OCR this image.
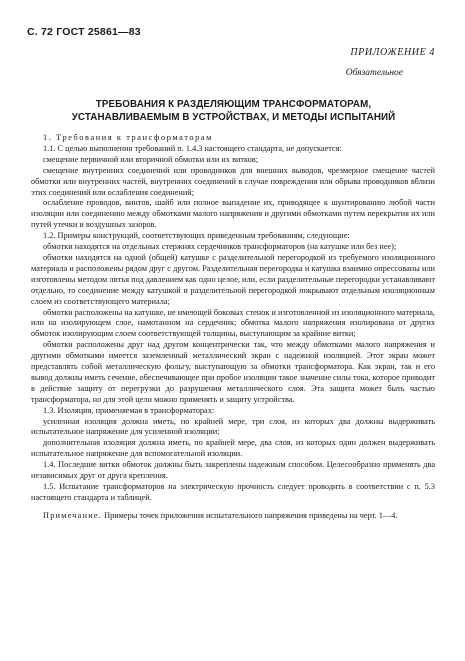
С. 72 ГОСТ 25861—83
ПРИЛОЖЕНИЕ 4
Обязательное
ТРЕБОВАНИЯ К РАЗДЕЛЯЮЩИМ ТРАНСФОРМАТОРАМ,
УСТАНАВЛИВАЕМЫМ В УСТРОЙСТВАХ, И МЕТОДЫ ИСПЫТАНИЙ

1. Требования к трансформаторам

1.1. С целью выполнения требований п. 1.4.3 настоящего стандарта, не допускается:

смещение первичной или вторичной обмотки или их витков;

смещение внутренних соединений или проводников для внешних выводов, чрезмерное смещение частей обмотки или внутренних частей, внутренних соединений в случае повреждения или обрыва проводников вблизи этих соединений или ослабления соединений;

ослабление проводов, винтов, шайб или полное выпадение их, приводящее к шунтированию любой части изоляции или соединению между обмотками малого напряжения и другими обмотками путем перекрытия их или путей утечки и воздушных зазоров.

1.2. Примеры конструкций, соответствующих приведенным требованиям, следующие:

обмотки находятся на отдельных стержнях сердечников трансформаторов (на катушке или без нее);

обмотки находятся на одной (общей) катушке с разделительной перегородкой из требуемого изоляционного материала и расположены рядом друг с другом. Разделительная перегородка и катушка взаимно опрессованы или изготовлены методом литья под давлением как одно целое, или, если разделительные перегородки устанавливают отдельно, то соединение между катушкой и разделительной перегородкой покрывают отдельным изоляционным слоем из соответствующего материала;

обмотки расположены на катушке, не имеющей боковых стенок и изготовленной из изоляционного материала, или на изолирующем слое, намотанном на сердечник; обмотка малого напряжения изолирована от других обмоток изолирующим слоем соответствующей толщины, выступающим за крайние витки;

обмотки расположены друг над другом концентрически так, что между обмотками малого напряжения и другими обмотками имеется заземленный металлический экран с надежной изоляцией. Этот экран может представлять собой металлическую фольгу, выступающую за обмотки трансформатора. Как экран, так и его вывод должны иметь сечение, обеспечивающее при пробое изоляции такое значение силы тока, которое приводит в действие защиту от перегрузки до разрушения металлического слоя. Эта защита может быть частью трансформатора, но для этой цели можно применять и защиту устройства.

1.3. Изоляция, применяемая в трансформаторах:

усиленная изоляция должна иметь, по крайней мере, три слоя, из которых два должны выдерживать испытательное напряжение для усиленной изоляции;

дополнительная изоляция должна иметь, по крайней мере, два слоя, из которых один должен выдерживать испытательное напряжение для вспомогательной изоляции.

1.4. Последние витки обмоток должны быть закреплены надежным способом. Целесообразно применять два независимых друг от друга крепления.

1.5. Испытание трансформаторов на электрическую прочность следует проводить в соответствии с п. 5.3 настоящего стандарта и таблицей.

Примечание. Примеры точек приложения испытательного напряжения приведены на черт. 1—4.
